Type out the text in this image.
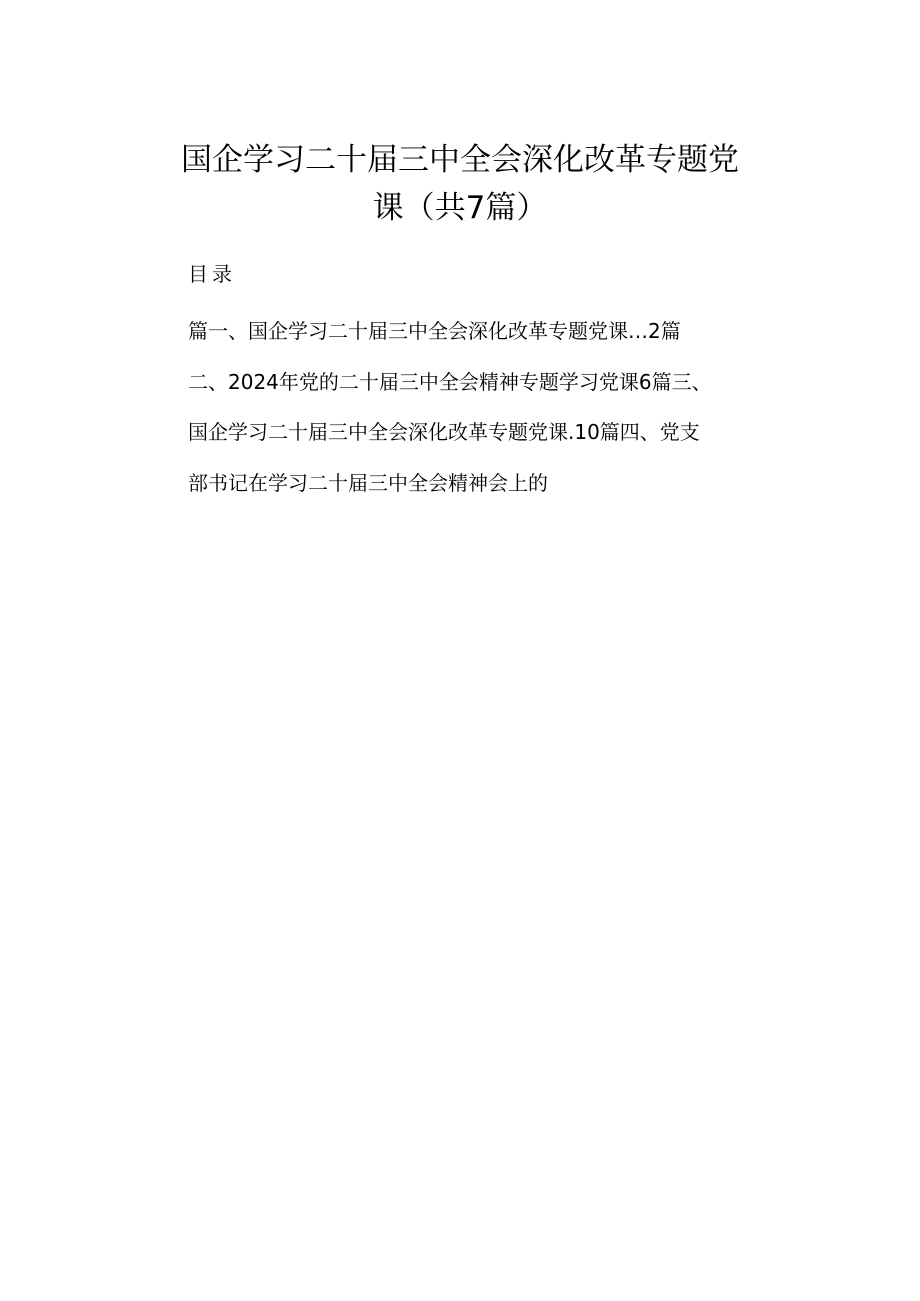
国企学习二十届三中全会深化改革专题党
课（共7篇）
目录
篇一、国企学习二十届三中全会深化改革专题党课…2篇
二、2024年党的二十届三中全会精神专题学习党课6篇三、
国企学习二十届三中全会深化改革专题党课.10篇四、党支
部书记在学习二十届三中全会精神会上的
